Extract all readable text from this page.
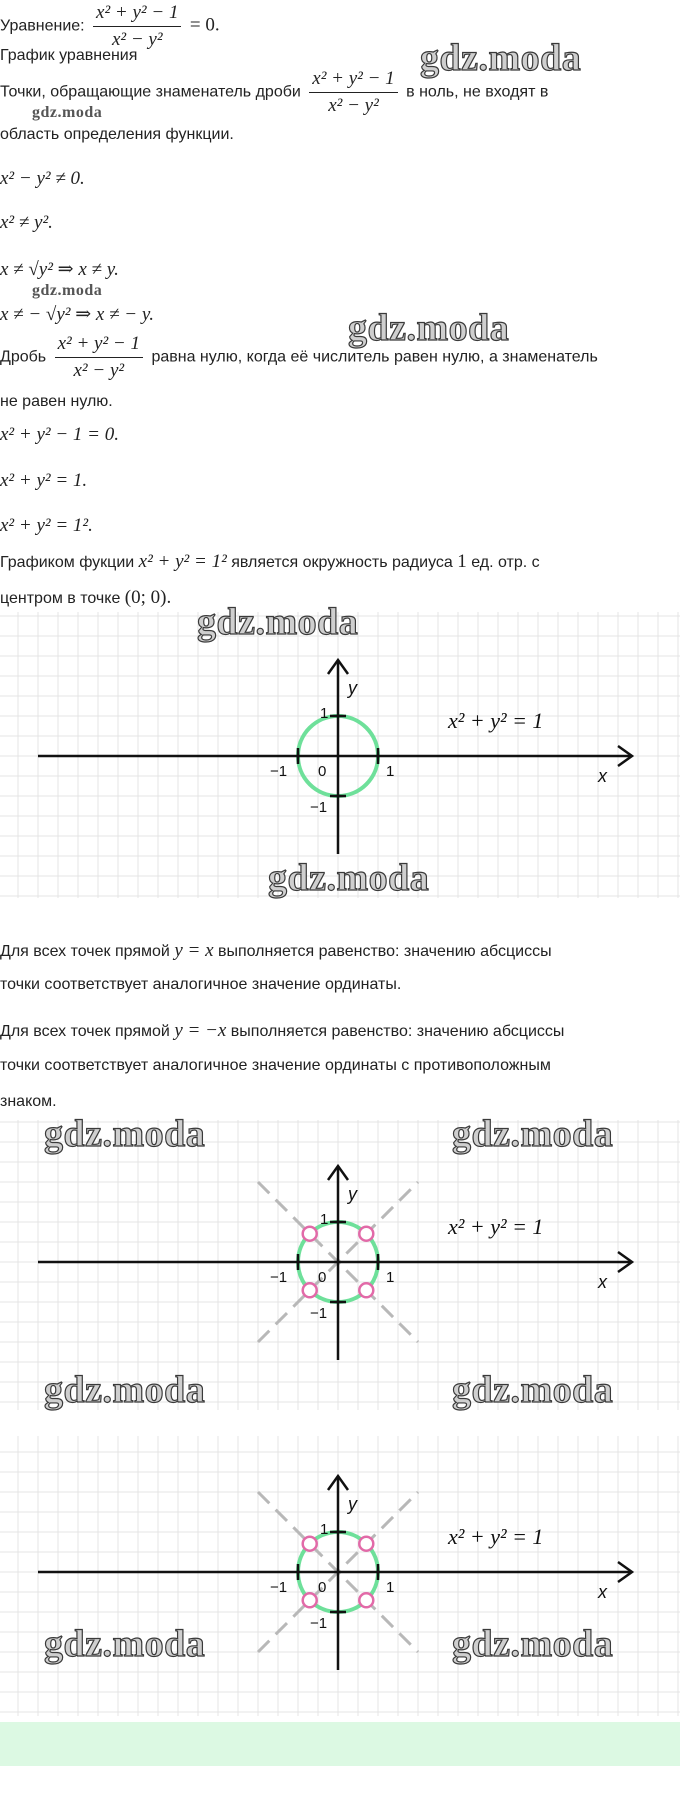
Уравнение: $\frac{\text{x² + y² − 1}}{\text{x² − y²}} = 0$.
График уравнения
Точки, обращающие знаменатель дроби $\frac{\text{x² + y² − 1}}{\text{x² − y²}}$ в ноль, не входят в
область определения функции.
x² − y² ≠ 0.
x² ≠ y².
x ≠ √y² ⇒ x ≠ y.
x ≠ − √y² ⇒ x ≠ − y.
Дробь $\frac{\text{x² + y² − 1}}{\text{x² − y²}}$ равна нулю, когда её числитель равен нулю, а знаменатель
не равен нулю.
x² + y² − 1 = 0.
x² + y² = 1.
x² + y² = 1².
Графиком фукции x² + y² = 1² является окружность радиуса 1 ед. отр. с
центром в точке (0; 0).
1
−1 0
1
−1
x
y
x² + y² = 1
Для всех точек прямой y = x выполняется равенство: значению абсциссы
точки соответствует аналогичное значение ординаты.
Для всех точек прямой y = −x выполняется равенство: значению абсциссы
точки соответствует аналогичное значение ординаты с противоположным
знаком.
1
−1 0
1
−1
x
y
x² + y² = 1
1
−1 0
1
−1
x
y
x² + y² = 1
gdz.moda
gdz.moda
gdz.moda
gdz.moda
gdz.moda
gdz.moda
gdz.moda	gdz.moda
gdz.moda	gdz.moda
gdz.moda	gdz.moda
